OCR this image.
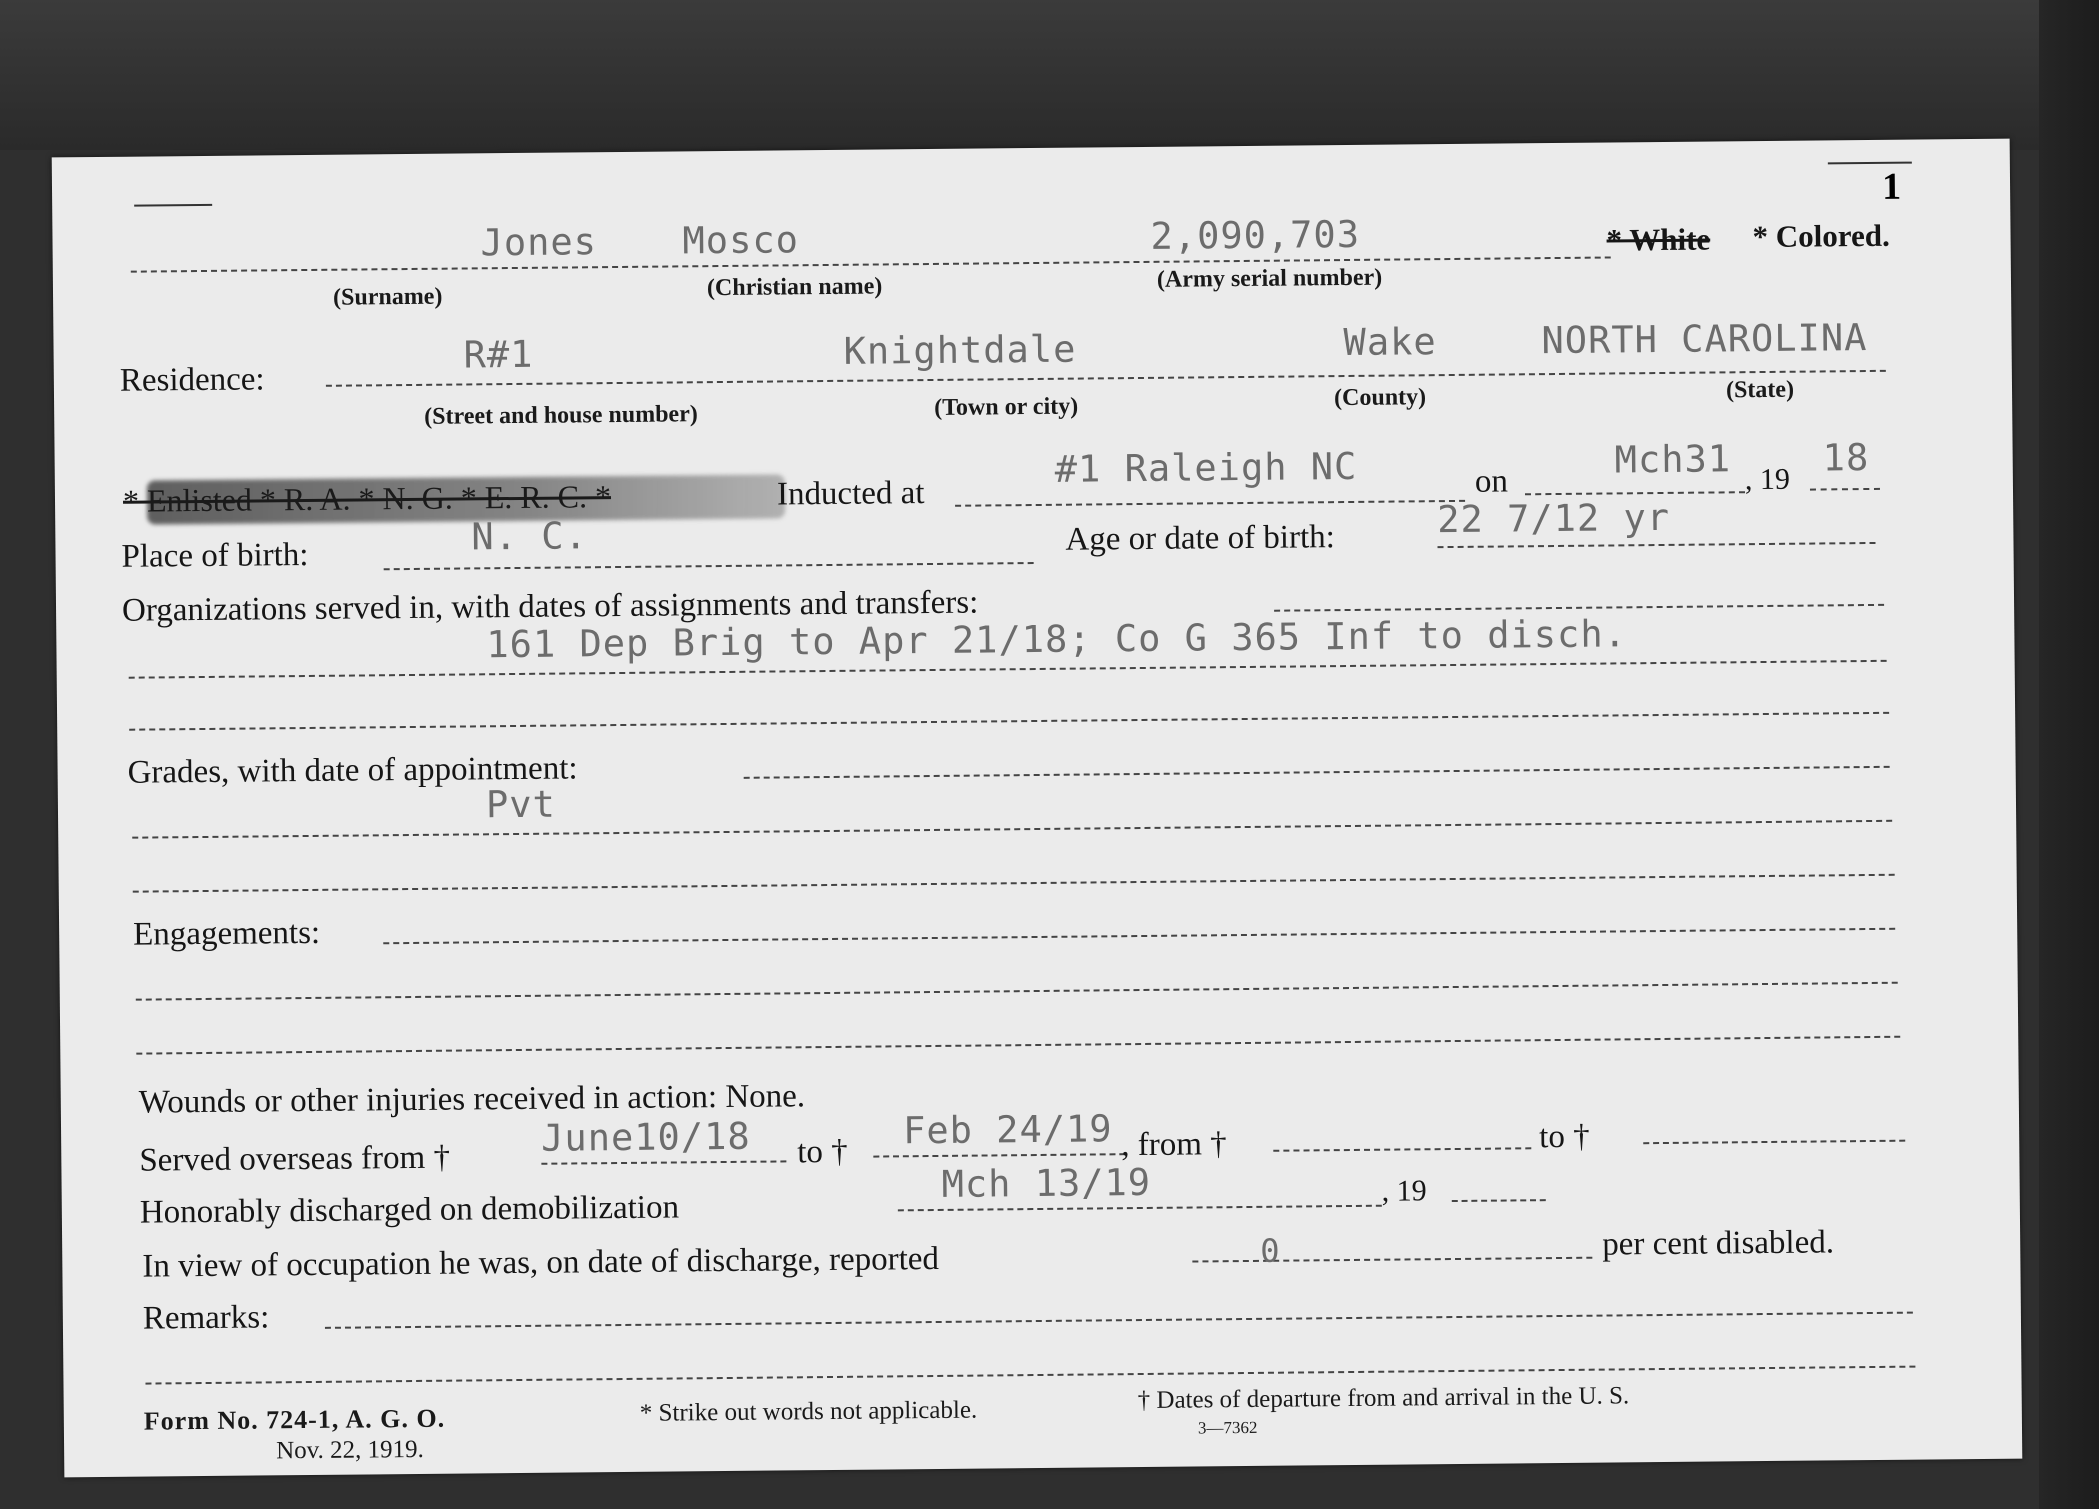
1
Jones Mosco	2,090,703	* White * Colored.
(Surname)	(Christian name)	(Army serial number)
R#1	Knightdale	Wake	NORTH CAROLINA
Residence:
(Street and house number)	(Town or city)	(County)	(State)
* Enlisted * R. A. * N. G. * E. R. C. *	Inducted at
#1 Raleigh NC	on
Mch31 , 19
18
Place of birth:	N. C.	Age or date of birth:	22 7/12 yr
Organizations served in, with dates of assignments and transfers:
161 Dep Brig to Apr 21/18; Co G 365 Inf to disch.
Grades, with date of appointment:
Pvt
Engagements:
Wounds or other injuries received in action: None.
Served overseas from † June10/18 to † Feb 24/19 , from †	to †
Honorably discharged on demobilization
Mch 13/19	, 19
In view of occupation he was, on date of discharge, reported	0	per cent disabled.
Remarks:
Form No. 724-1, A. G. O.
Nov. 22, 1919.
* Strike out words not applicable.	† Dates of departure from and arrival in the U. S.
3—7362
